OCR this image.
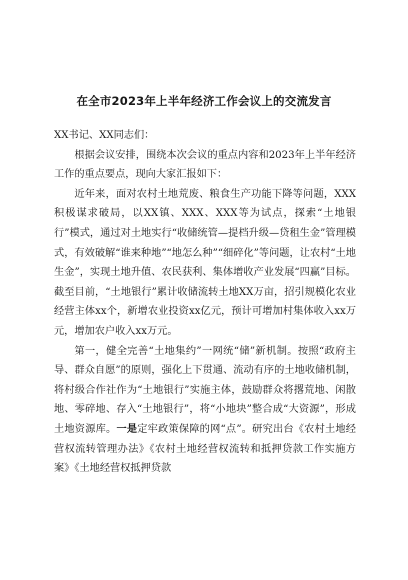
在全市2023年上半年经济工作会议上的交流发言

XX书记、XX同志们：

根据会议安排，围绕本次会议的重点内容和2023年上半年经济工作的重点要点，现向大家汇报如下：

近年来，面对农村土地荒废、粮食生产功能下降等问题，XXX积极谋求破局，以XX镇、XXX、XXX等为试点，探索“土地银行”模式，通过对土地实行“收储统管—提档升级—贷租生金”管理模式，有效破解“谁来种地”“地怎么种”“细碎化”等问题，让农村“土地生金”，实现土地升值、农民获利、集体增收产业发展“四赢”目标。截至目前，“土地银行”累计收储流转土地XX万亩，招引规模化农业经营主体xx个，新增农业投资xx亿元，预计可增加村集体收入xx万元，增加农户收入xx万元。

第一，健全完善“土地集约”一网统“储”新机制。按照“政府主导、群众自愿”的原则，强化上下贯通、流动有序的土地收储机制，将村级合作社作为“土地银行”实施主体，鼓励群众将撂荒地、闲散地、零碎地、存入“土地银行”，将“小地块”整合成“大资源”，形成土地资源库。一是定牢政策保障的网“点”。研究出台《农村土地经营权流转管理办法》《农村土地经营权流转和抵押贷款工作实施方案》《土地经营权抵押贷款
